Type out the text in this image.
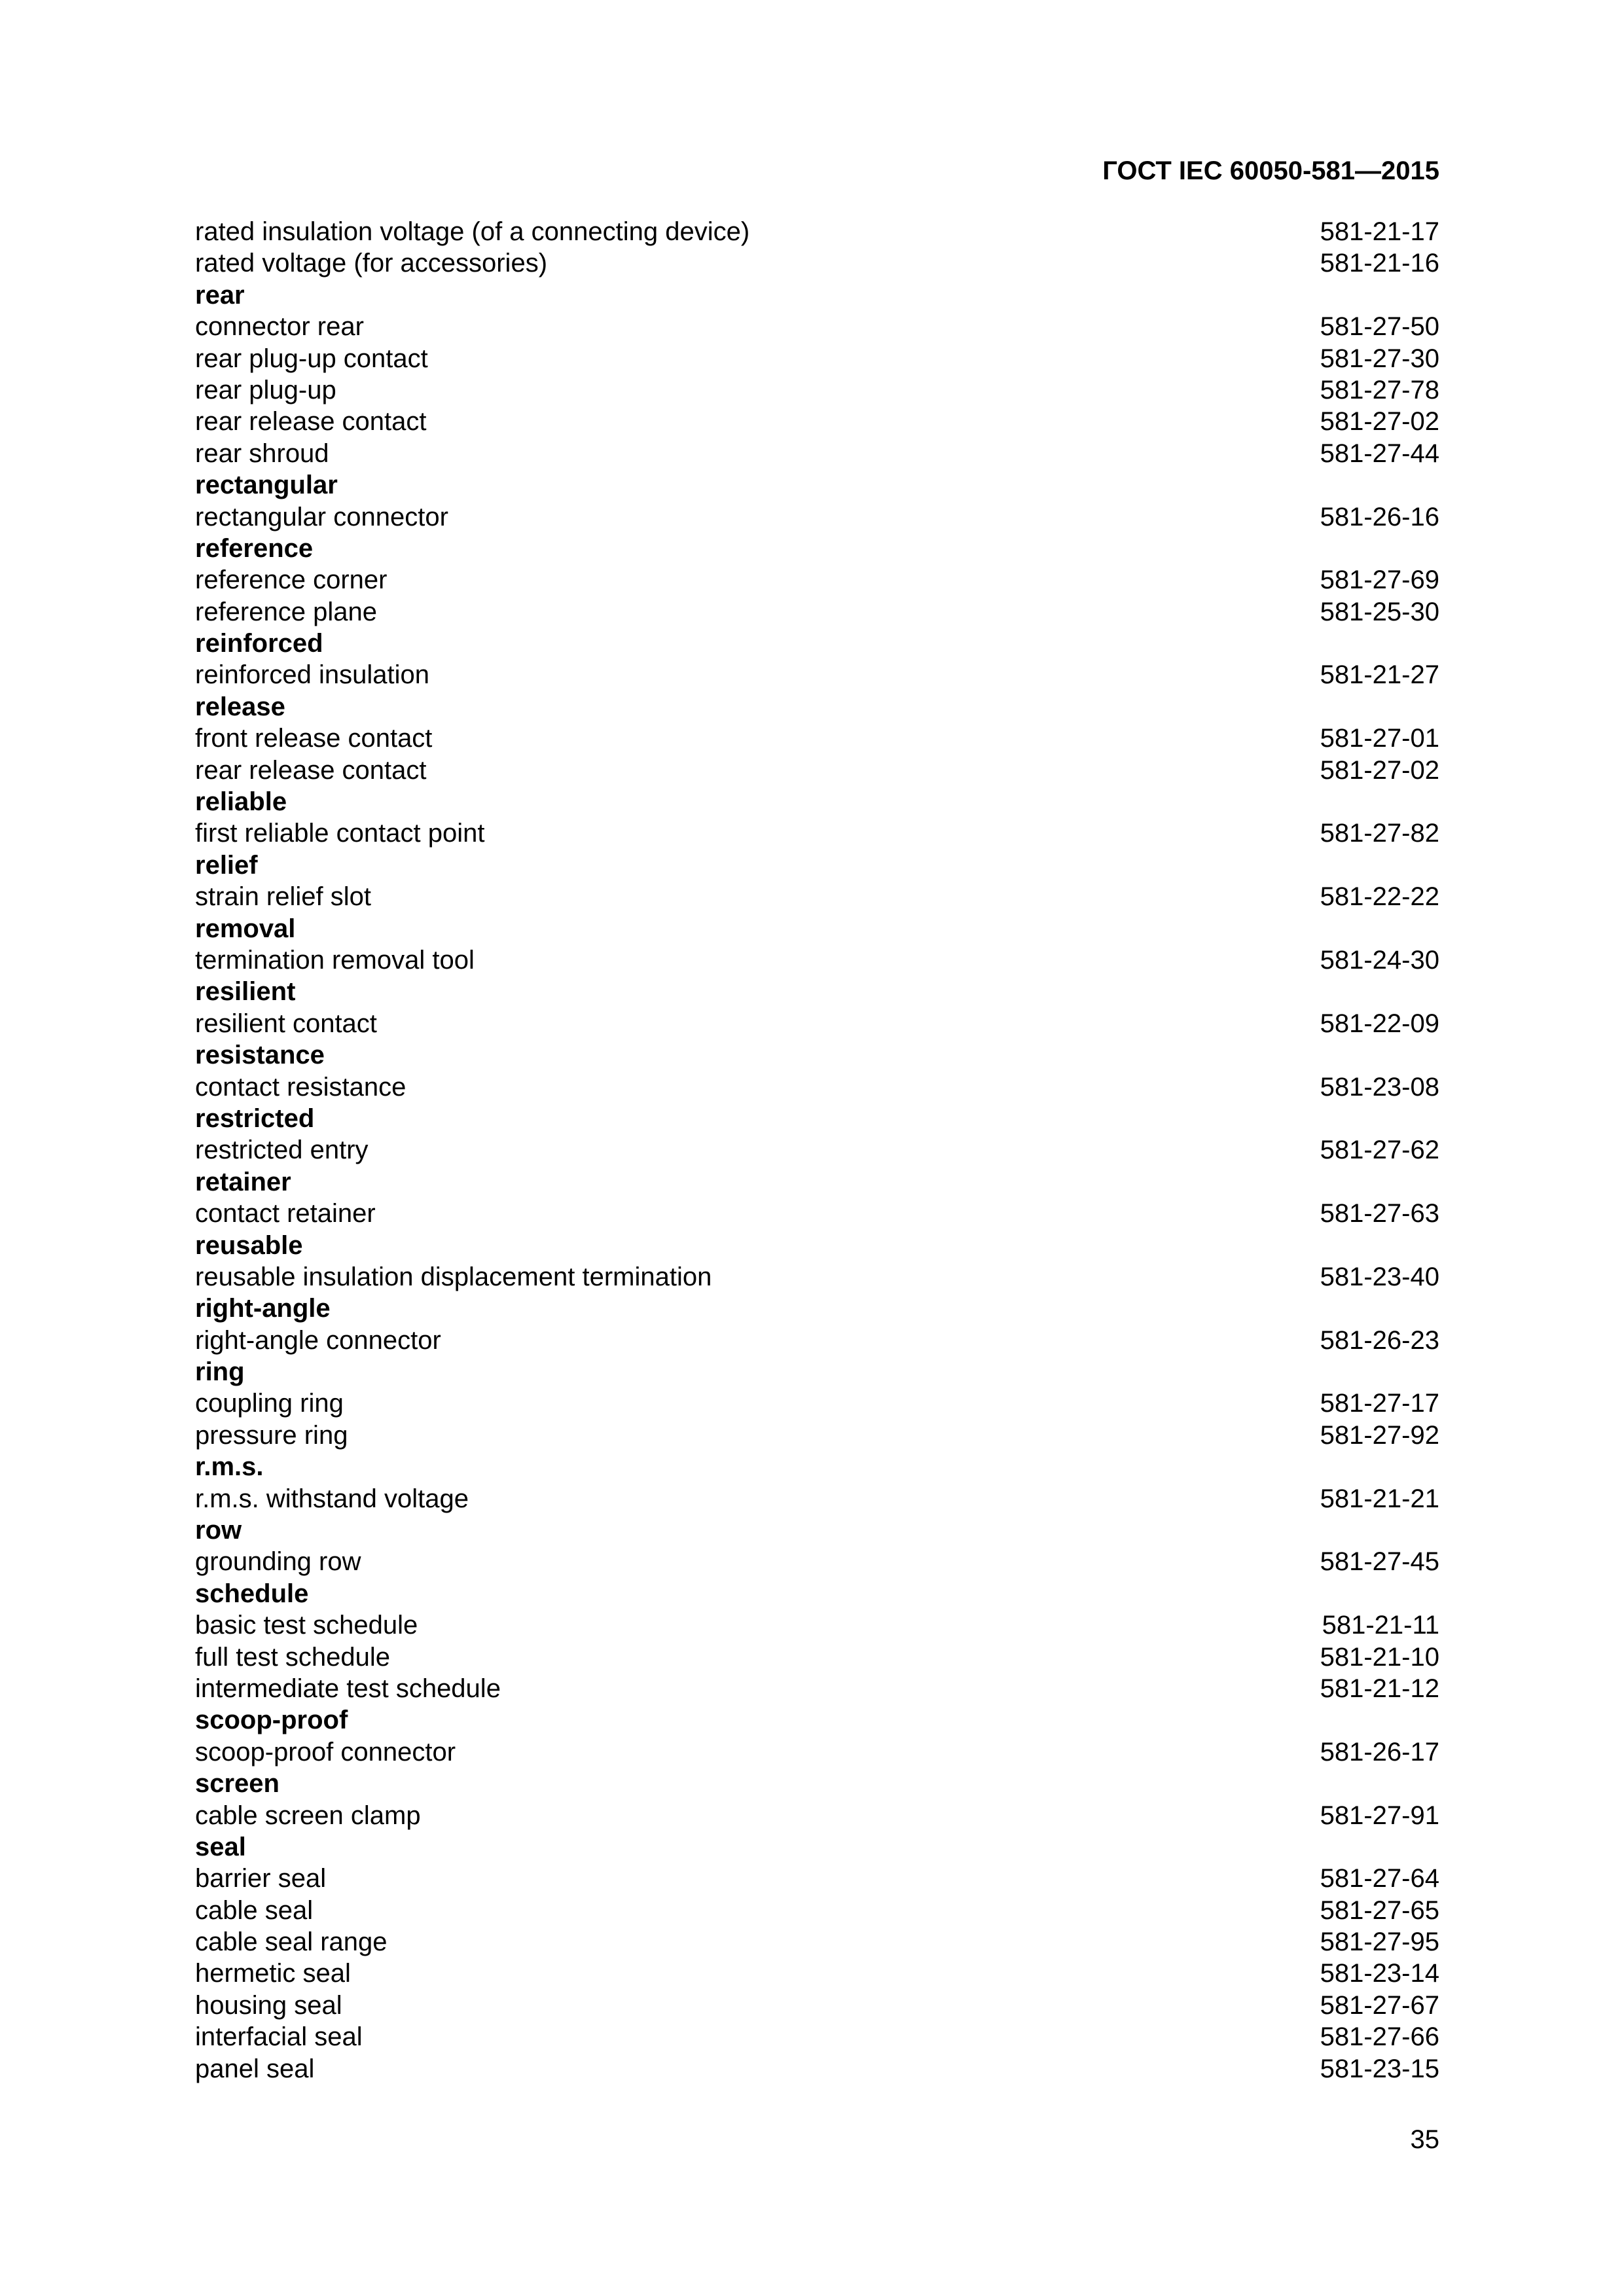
ГОСТ IEC 60050-581—2015
rated insulation voltage (of a connecting device)	581-21-17
rated voltage (for accessories)	581-21-16
rear
connector rear	581-27-50
rear plug-up contact	581-27-30
rear plug-up	581-27-78
rear release contact	581-27-02
rear shroud	581-27-44
rectangular
rectangular connector	581-26-16
reference
reference corner	581-27-69
reference plane	581-25-30
reinforced
reinforced insulation	581-21-27
release
front release contact	581-27-01
rear release contact	581-27-02
reliable
first reliable contact point	581-27-82
relief
strain relief slot	581-22-22
removal
termination removal tool	581-24-30
resilient
resilient contact	581-22-09
resistance
contact resistance	581-23-08
restricted
restricted entry	581-27-62
retainer
contact retainer	581-27-63
reusable
reusable insulation displacement termination	581-23-40
right-angle
right-angle connector	581-26-23
ring
coupling ring	581-27-17
pressure ring	581-27-92
r.m.s.
r.m.s. withstand voltage	581-21-21
row
grounding row	581-27-45
schedule
basic test schedule	581-21-11
full test schedule	581-21-10
intermediate test schedule	581-21-12
scoop-proof
scoop-proof connector	581-26-17
screen
cable screen clamp	581-27-91
seal
barrier seal	581-27-64
cable seal	581-27-65
cable seal range	581-27-95
hermetic seal	581-23-14
housing seal	581-27-67
interfacial seal	581-27-66
panel seal	581-23-15
35
